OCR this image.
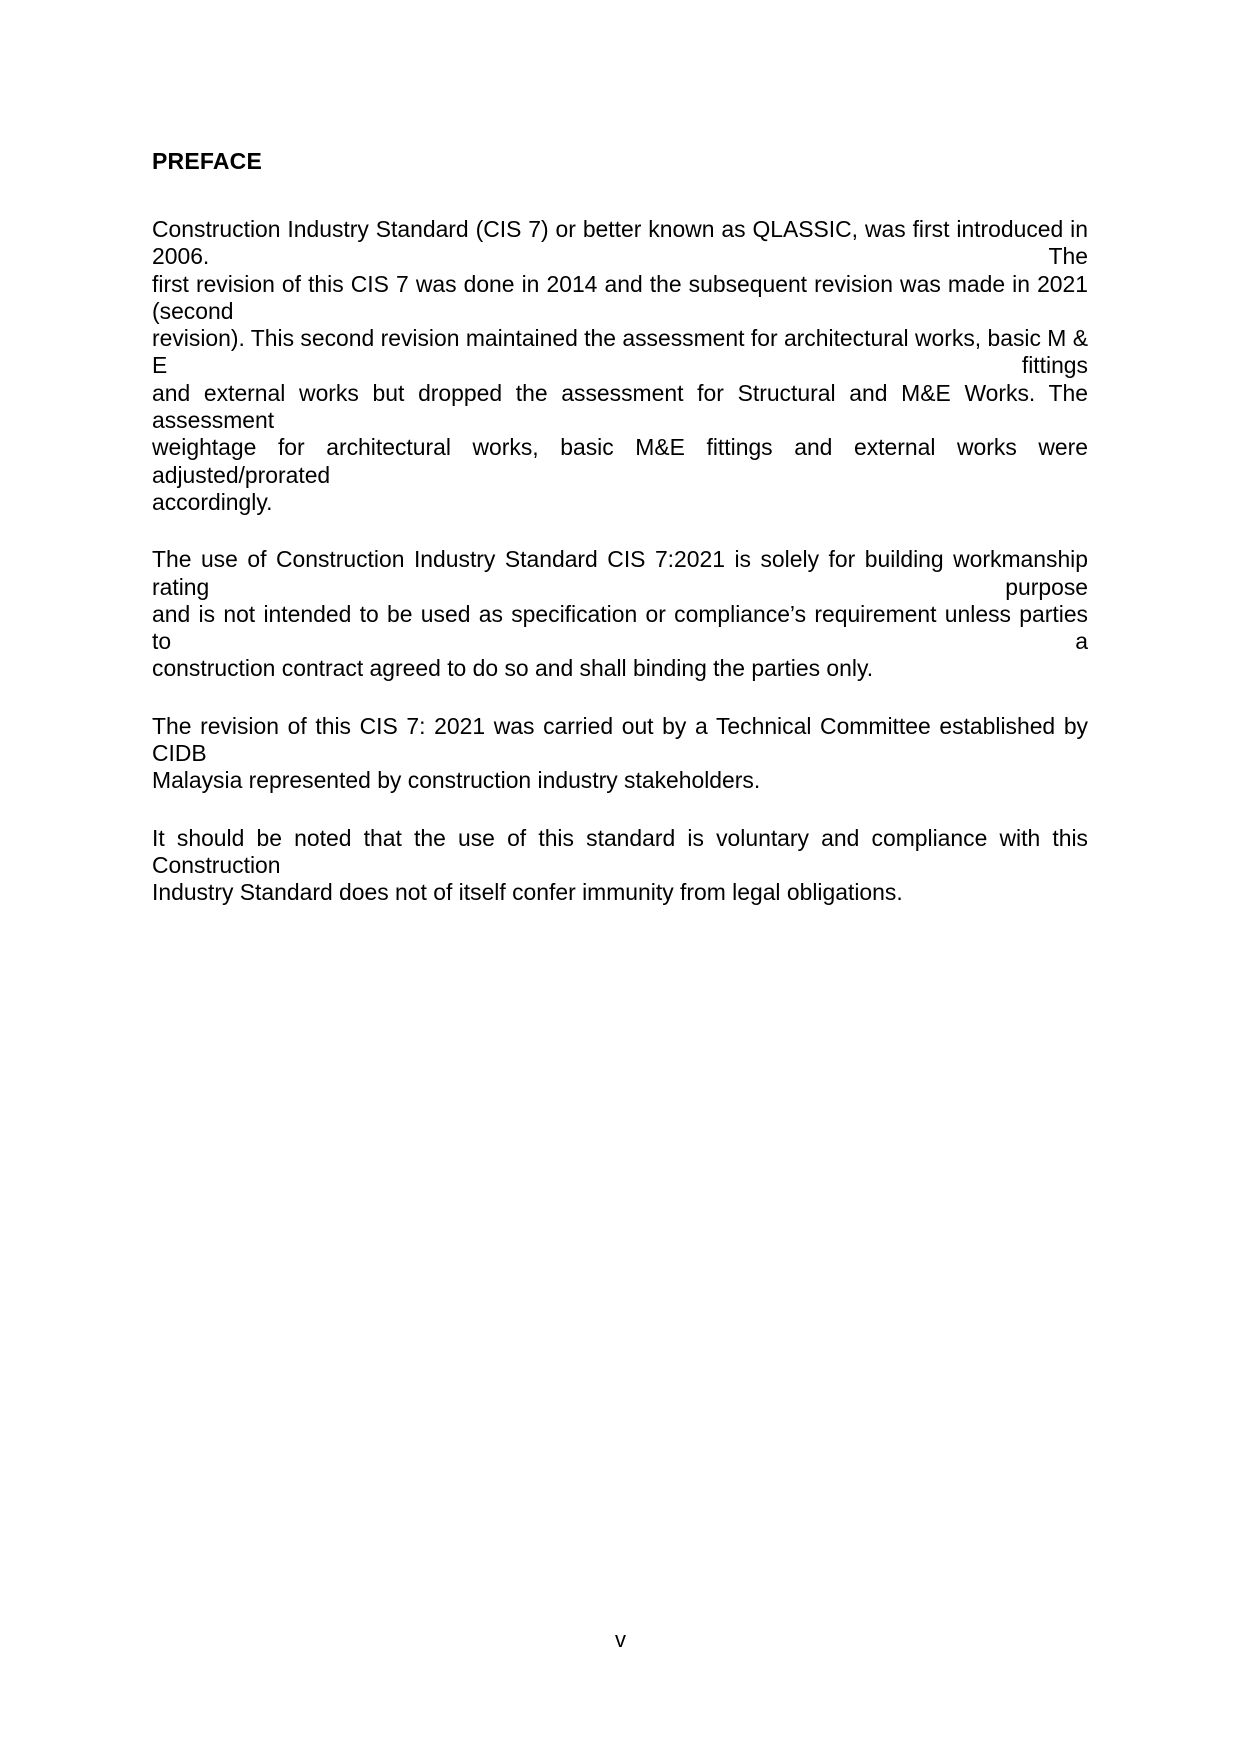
PREFACE
Construction Industry Standard (CIS 7) or better known as QLASSIC, was first introduced in 2006. The
first revision of this CIS 7 was done in 2014 and the subsequent revision was made in 2021 (second
revision). This second revision maintained the assessment for architectural works, basic M & E fittings
and external works but dropped the assessment for Structural and M&E Works. The assessment
weightage for architectural works, basic M&E fittings and external works were adjusted/prorated
accordingly.
The use of Construction Industry Standard CIS 7:2021 is solely for building workmanship rating purpose
and is not intended to be used as specification or compliance’s requirement unless parties to a
construction contract agreed to do so and shall binding the parties only.
The revision of this CIS 7: 2021 was carried out by a Technical Committee established by CIDB
Malaysia represented by construction industry stakeholders.
It should be noted that the use of this standard is voluntary and compliance with this Construction
Industry Standard does not of itself confer immunity from legal obligations.
v
